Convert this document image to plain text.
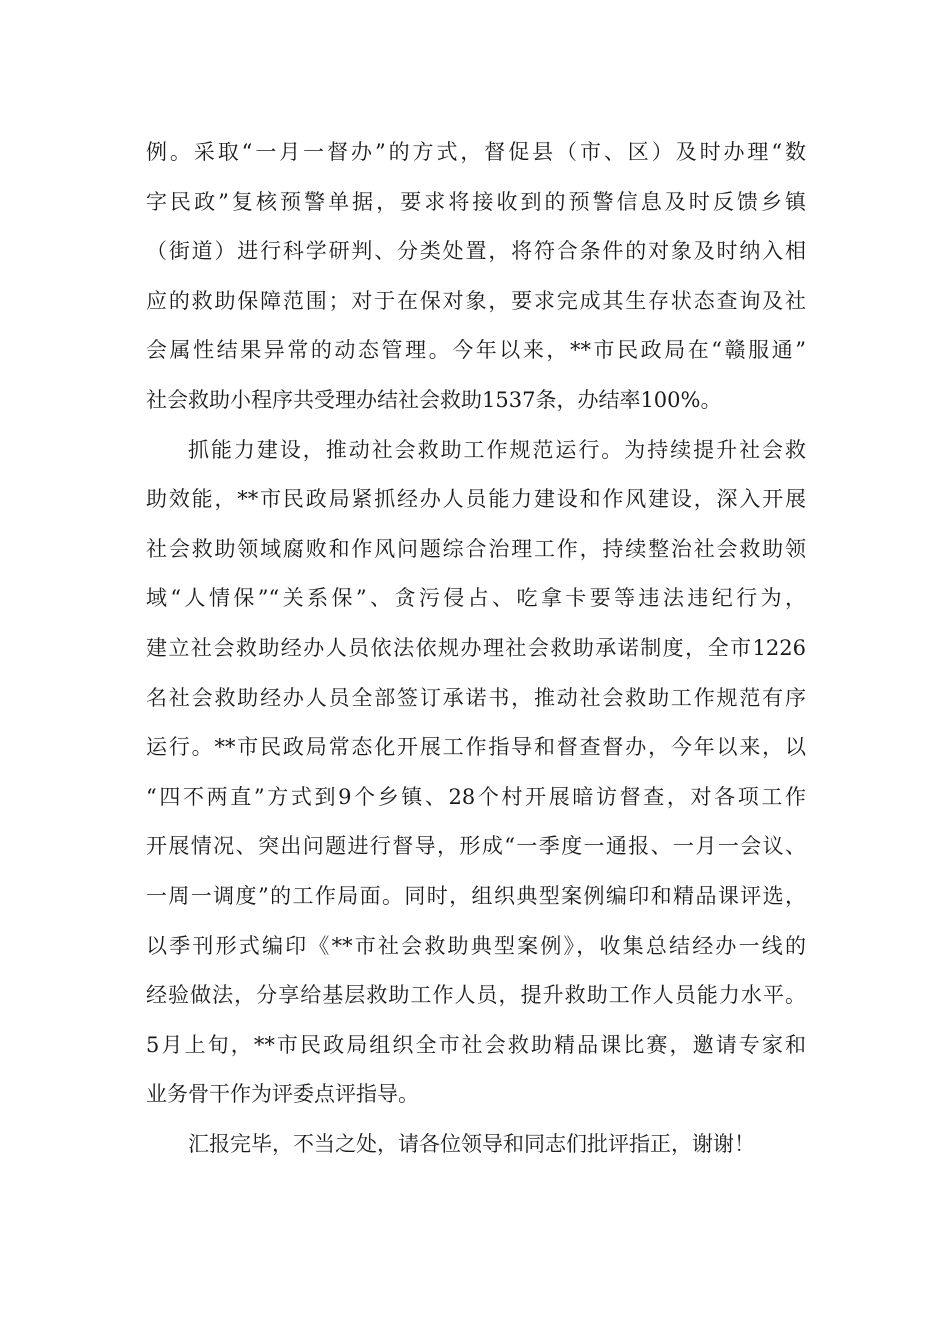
例。采取“一月一督办”的方式，督促县（市、区）及时办理“数
字民政”复核预警单据，要求将接收到的预警信息及时反馈乡镇
（街道）进行科学研判、分类处置，将符合条件的对象及时纳入相
应的救助保障范围；对于在保对象，要求完成其生存状态查询及社
会属性结果异常的动态管理。今年以来，**市民政局在“赣服通”
社会救助小程序共受理办结社会救助1537条，办结率100%。
抓能力建设，推动社会救助工作规范运行。为持续提升社会救
助效能，**市民政局紧抓经办人员能力建设和作风建设，深入开展
社会救助领域腐败和作风问题综合治理工作，持续整治社会救助领
域“人情保”“关系保”、贪污侵占、吃拿卡要等违法违纪行为，
建立社会救助经办人员依法依规办理社会救助承诺制度，全市1226
名社会救助经办人员全部签订承诺书，推动社会救助工作规范有序
运行。**市民政局常态化开展工作指导和督查督办，今年以来，以
“四不两直”方式到9个乡镇、28个村开展暗访督查，对各项工作
开展情况、突出问题进行督导，形成“一季度一通报、一月一会议、
一周一调度”的工作局面。同时，组织典型案例编印和精品课评选，
以季刊形式编印《**市社会救助典型案例》，收集总结经办一线的
经验做法，分享给基层救助工作人员，提升救助工作人员能力水平。
5月上旬，**市民政局组织全市社会救助精品课比赛，邀请专家和
业务骨干作为评委点评指导。
汇报完毕，不当之处，请各位领导和同志们批评指正，谢谢！
